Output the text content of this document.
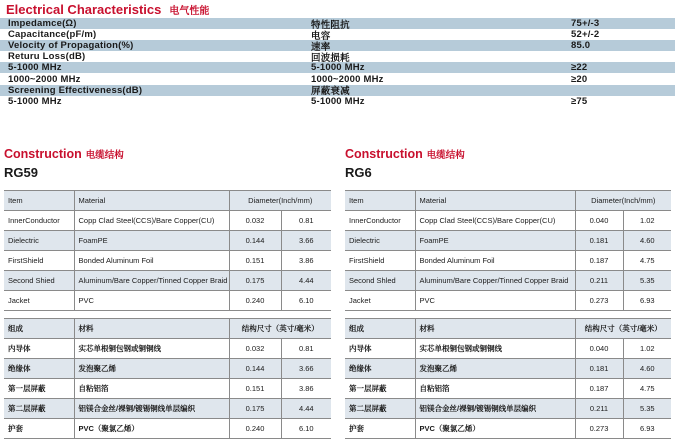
Electrical Characteristics 电气性能
Impedamce(Ω)	特性阻抗	75+/-3
Capacitance(pF/m)	电容	52+/-2
Velocity of Propagation(%)	速率	85.0
Returu Loss(dB)	回波损耗
5-1000 MHz	5-1000 MHz	≥22
1000~2000 MHz	1000~2000 MHz	≥20
Screening Effectiveness(dB)	屏蔽衰减
5-1000 MHz	5-1000 MHz	≥75
Construction 电缆结构
RG59
Item	Material	Diameter(Inch/mm)	
InnerConductor	Copp Clad Steel(CCS)/Bare Copper(CU)	0.032	0.81
Dielectric	FoamPE	0.144	3.66
FirstShield	Bonded Aluminum Foil	0.151	3.86
Second Shied	Aluminum/Bare Copper/Tinned Copper Braid	0.175	4.44
Jacket	PVC	0.240	6.10
组成	材料	结构尺寸（英寸/毫米）	
内导体	实芯单根铜包钢或铜铜线	0.032	0.81
绝缘体	发泡聚乙烯	0.144	3.66
第一层屏蔽	自粘铝箔	0.151	3.86
第二层屏蔽	铝镁合金丝/裸铜/镀锡铜线单层编织	0.175	4.44
护套	PVC（聚氯乙烯）	0.240	6.10
Construction 电缆结构
RG6
Item	Material	Diameter(Inch/mm)	
InnerConductor	Copp Clad Steel(CCS)/Bare Copper(CU)	0.040	1.02
Dielectric	FoamPE	0.181	4.60
FirstShield	Bonded Aluminum Foil	0.187	4.75
Second Shled	Aluminum/Bare Copper/Tinned Copper Braid	0.211	5.35
Jacket	PVC	0.273	6.93
组成	材料	结构尺寸（英寸/毫米）	
内导体	实芯单根铜包钢或铜铜线	0.040	1.02
绝缘体	发泡聚乙烯	0.181	4.60
第一层屏蔽	自粘铝箔	0.187	4.75
第二层屏蔽	铝镁合金丝/裸铜/镀锡铜线单层编织	0.211	5.35
护套	PVC（聚氯乙烯）	0.273	6.93
